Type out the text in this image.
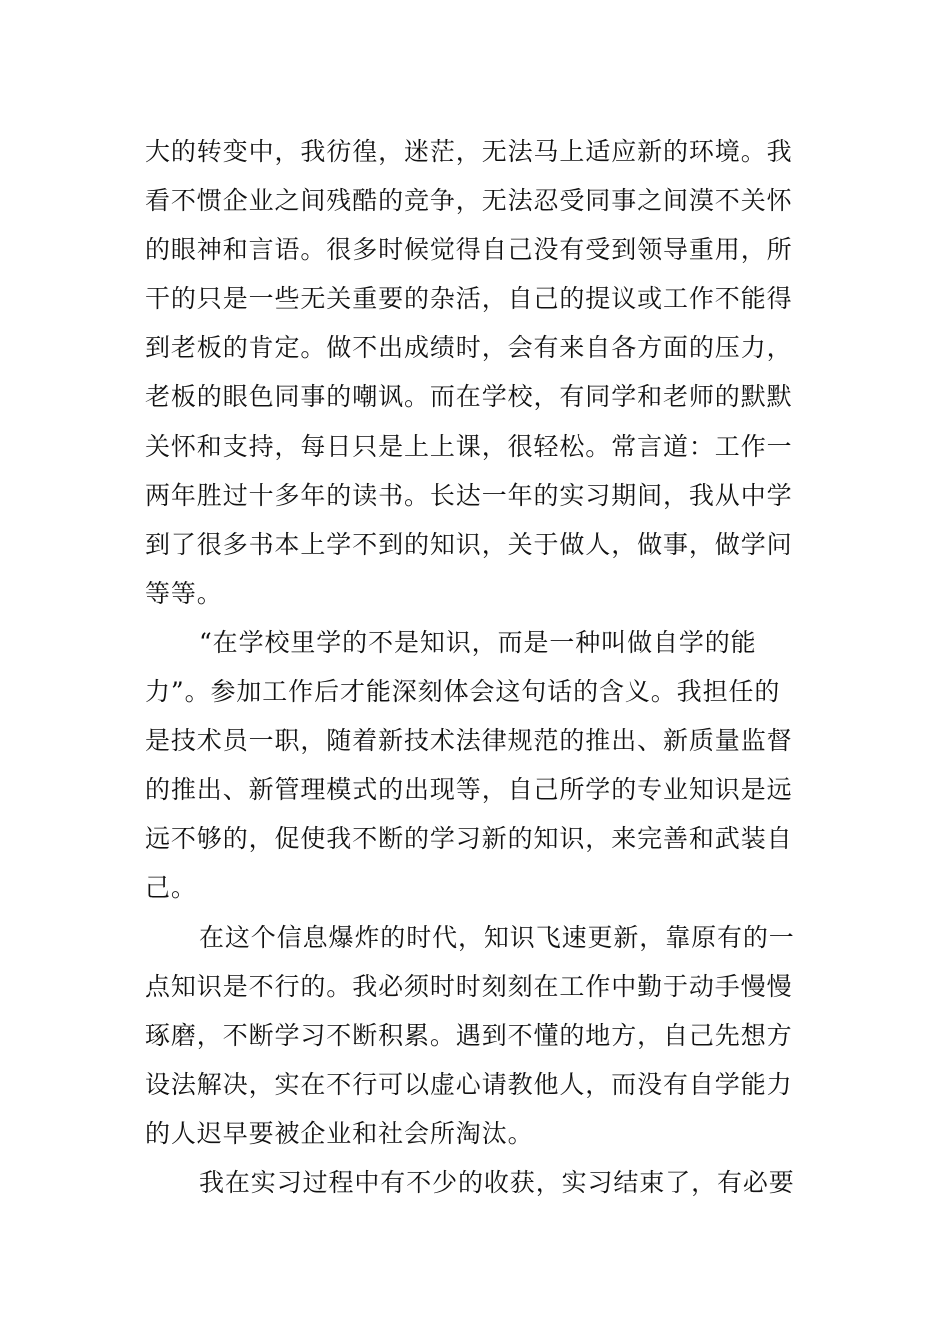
大的转变中，我彷徨，迷茫，无法马上适应新的环境。我
看不惯企业之间残酷的竞争，无法忍受同事之间漠不关怀
的眼神和言语。很多时候觉得自己没有受到领导重用，所
干的只是一些无关重要的杂活，自己的提议或工作不能得
到老板的肯定。做不出成绩时，会有来自各方面的压力，
老板的眼色同事的嘲讽。而在学校，有同学和老师的默默
关怀和支持，每日只是上上课，很轻松。常言道：工作一
两年胜过十多年的读书。长达一年的实习期间，我从中学
到了很多书本上学不到的知识，关于做人，做事，做学问
等等。
“在学校里学的不是知识，而是一种叫做自学的能
力”。参加工作后才能深刻体会这句话的含义。我担任的
是技术员一职，随着新技术法律规范的推出、新质量监督
的推出、新管理模式的出现等，自己所学的专业知识是远
远不够的，促使我不断的学习新的知识，来完善和武装自
己。
在这个信息爆炸的时代，知识飞速更新，靠原有的一
点知识是不行的。我必须时时刻刻在工作中勤于动手慢慢
琢磨，不断学习不断积累。遇到不懂的地方，自己先想方
设法解决，实在不行可以虚心请教他人，而没有自学能力
的人迟早要被企业和社会所淘汰。
我在实习过程中有不少的收获，实习结束了，有必要
